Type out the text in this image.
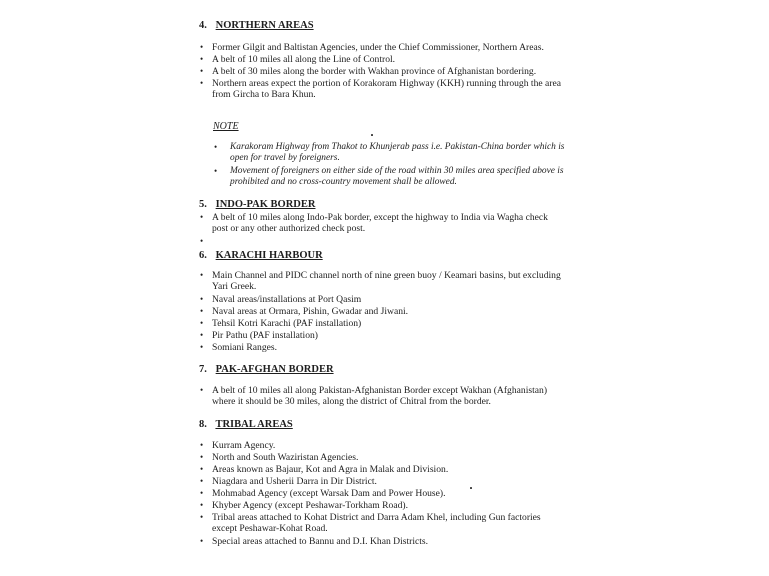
4. NORTHERN AREAS
• Former Gilgit and Baltistan Agencies, under the Chief Commissioner, Northern Areas.
• A belt of 10 miles all along the Line of Control.
• A belt of 30 miles along the border with Wakhan province of Afghanistan bordering.
• Northern areas expect the portion of Korakoram Highway (KKH) running through the area from Gircha to Bara Khun.
NOTE
• Karakoram Highway from Thakot to Khunjerab pass i.e. Pakistan-China border which is open for travel by foreigners.
• Movement of foreigners on either side of the road within 30 miles area specified above is prohibited and no cross-country movement shall be allowed.
5. INDO-PAK BORDER
• A belt of 10 miles along Indo-Pak border, except the highway to India via Wagha check post or any other authorized check post.
•
6. KARACHI HARBOUR
• Main Channel and PIDC channel north of nine green buoy / Keamari basins, but excluding Yari Greek.
• Naval areas/installations at Port Qasim
• Naval areas at Ormara, Pishin, Gwadar and Jiwani.
• Tehsil Kotri Karachi (PAF installation)
• Pir Pathu (PAF installation)
• Somiani Ranges.
7. PAK-AFGHAN BORDER
• A belt of 10 miles all along Pakistan-Afghanistan Border except Wakhan (Afghanistan) where it should be 30 miles, along the district of Chitral from the border.
8. TRIBAL AREAS
• Kurram Agency.
• North and South Waziristan Agencies.
• Areas known as Bajaur, Kot and Agra in Malak and Division.
• Niagdara and Usherii Darra in Dir District.
• Mohmabad Agency (except Warsak Dam and Power House).
• Khyber Agency (except Peshawar-Torkham Road).
• Tribal areas attached to Kohat District and Darra Adam Khel, including Gun factories except Peshawar-Kohat Road.
• Special areas attached to Bannu and D.I. Khan Districts.
